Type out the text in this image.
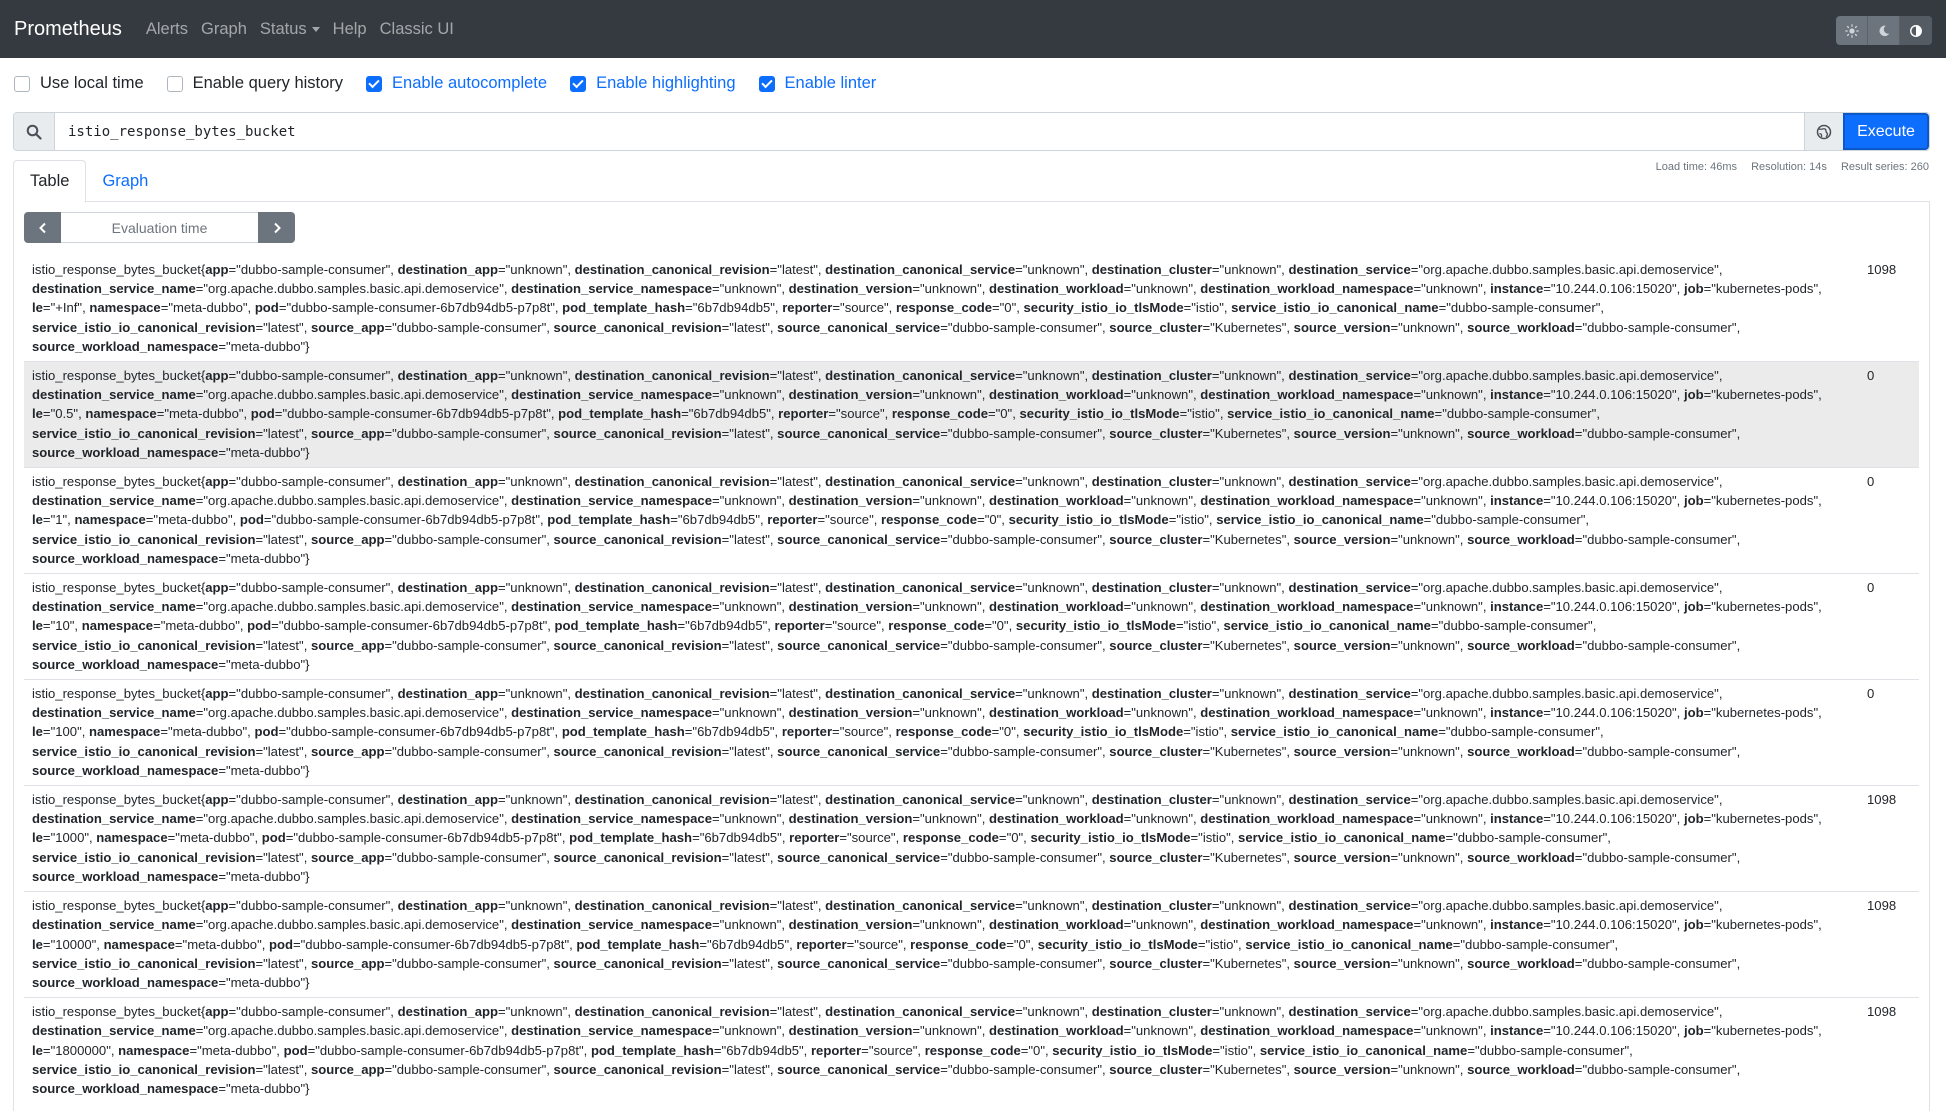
Prometheus Alerts Graph Status Help Classic UI
Use local time	Enable query history	Enable autocomplete	Enable highlighting	Enable linter
istio_response_bytes_bucket
Execute
Load time: 46ms Resolution: 14s Result series: 260
Table	Graph
Evaluation time
istio_response_bytes_bucket{app="dubbo-sample-consumer", destination_app="unknown", destination_canonical_revision="latest", destination_canonical_service="unknown", destination_cluster="unknown", destination_service="org.apache.dubbo.samples.basic.api.demoservice", destination_service_name="org.apache.dubbo.samples.basic.api.demoservice", destination_service_namespace="unknown", destination_version="unknown", destination_workload="unknown", destination_workload_namespace="unknown", instance="10.244.0.106:15020", job="kubernetes-pods", le="+Inf", namespace="meta-dubbo", pod="dubbo-sample-consumer-6b7db94db5-p7p8t", pod_template_hash="6b7db94db5", reporter="source", response_code="0", security_istio_io_tlsMode="istio", service_istio_io_canonical_name="dubbo-sample-consumer", service_istio_io_canonical_revision="latest", source_app="dubbo-sample-consumer", source_canonical_revision="latest", source_canonical_service="dubbo-sample-consumer", source_cluster="Kubernetes", source_version="unknown", source_workload="dubbo-sample-consumer", source_workload_namespace="meta-dubbo"}
1098
istio_response_bytes_bucket{app="dubbo-sample-consumer", destination_app="unknown", destination_canonical_revision="latest", destination_canonical_service="unknown", destination_cluster="unknown", destination_service="org.apache.dubbo.samples.basic.api.demoservice", destination_service_name="org.apache.dubbo.samples.basic.api.demoservice", destination_service_namespace="unknown", destination_version="unknown", destination_workload="unknown", destination_workload_namespace="unknown", instance="10.244.0.106:15020", job="kubernetes-pods", le="0.5", namespace="meta-dubbo", pod="dubbo-sample-consumer-6b7db94db5-p7p8t", pod_template_hash="6b7db94db5", reporter="source", response_code="0", security_istio_io_tlsMode="istio", service_istio_io_canonical_name="dubbo-sample-consumer", service_istio_io_canonical_revision="latest", source_app="dubbo-sample-consumer", source_canonical_revision="latest", source_canonical_service="dubbo-sample-consumer", source_cluster="Kubernetes", source_version="unknown", source_workload="dubbo-sample-consumer", source_workload_namespace="meta-dubbo"}
0
istio_response_bytes_bucket{app="dubbo-sample-consumer", destination_app="unknown", destination_canonical_revision="latest", destination_canonical_service="unknown", destination_cluster="unknown", destination_service="org.apache.dubbo.samples.basic.api.demoservice", destination_service_name="org.apache.dubbo.samples.basic.api.demoservice", destination_service_namespace="unknown", destination_version="unknown", destination_workload="unknown", destination_workload_namespace="unknown", instance="10.244.0.106:15020", job="kubernetes-pods", le="1", namespace="meta-dubbo", pod="dubbo-sample-consumer-6b7db94db5-p7p8t", pod_template_hash="6b7db94db5", reporter="source", response_code="0", security_istio_io_tlsMode="istio", service_istio_io_canonical_name="dubbo-sample-consumer", service_istio_io_canonical_revision="latest", source_app="dubbo-sample-consumer", source_canonical_revision="latest", source_canonical_service="dubbo-sample-consumer", source_cluster="Kubernetes", source_version="unknown", source_workload="dubbo-sample-consumer", source_workload_namespace="meta-dubbo"}
0
istio_response_bytes_bucket{app="dubbo-sample-consumer", destination_app="unknown", destination_canonical_revision="latest", destination_canonical_service="unknown", destination_cluster="unknown", destination_service="org.apache.dubbo.samples.basic.api.demoservice", destination_service_name="org.apache.dubbo.samples.basic.api.demoservice", destination_service_namespace="unknown", destination_version="unknown", destination_workload="unknown", destination_workload_namespace="unknown", instance="10.244.0.106:15020", job="kubernetes-pods", le="10", namespace="meta-dubbo", pod="dubbo-sample-consumer-6b7db94db5-p7p8t", pod_template_hash="6b7db94db5", reporter="source", response_code="0", security_istio_io_tlsMode="istio", service_istio_io_canonical_name="dubbo-sample-consumer", service_istio_io_canonical_revision="latest", source_app="dubbo-sample-consumer", source_canonical_revision="latest", source_canonical_service="dubbo-sample-consumer", source_cluster="Kubernetes", source_version="unknown", source_workload="dubbo-sample-consumer", source_workload_namespace="meta-dubbo"}
0
istio_response_bytes_bucket{app="dubbo-sample-consumer", destination_app="unknown", destination_canonical_revision="latest", destination_canonical_service="unknown", destination_cluster="unknown", destination_service="org.apache.dubbo.samples.basic.api.demoservice", destination_service_name="org.apache.dubbo.samples.basic.api.demoservice", destination_service_namespace="unknown", destination_version="unknown", destination_workload="unknown", destination_workload_namespace="unknown", instance="10.244.0.106:15020", job="kubernetes-pods", le="100", namespace="meta-dubbo", pod="dubbo-sample-consumer-6b7db94db5-p7p8t", pod_template_hash="6b7db94db5", reporter="source", response_code="0", security_istio_io_tlsMode="istio", service_istio_io_canonical_name="dubbo-sample-consumer", service_istio_io_canonical_revision="latest", source_app="dubbo-sample-consumer", source_canonical_revision="latest", source_canonical_service="dubbo-sample-consumer", source_cluster="Kubernetes", source_version="unknown", source_workload="dubbo-sample-consumer", source_workload_namespace="meta-dubbo"}
0
istio_response_bytes_bucket{app="dubbo-sample-consumer", destination_app="unknown", destination_canonical_revision="latest", destination_canonical_service="unknown", destination_cluster="unknown", destination_service="org.apache.dubbo.samples.basic.api.demoservice", destination_service_name="org.apache.dubbo.samples.basic.api.demoservice", destination_service_namespace="unknown", destination_version="unknown", destination_workload="unknown", destination_workload_namespace="unknown", instance="10.244.0.106:15020", job="kubernetes-pods", le="1000", namespace="meta-dubbo", pod="dubbo-sample-consumer-6b7db94db5-p7p8t", pod_template_hash="6b7db94db5", reporter="source", response_code="0", security_istio_io_tlsMode="istio", service_istio_io_canonical_name="dubbo-sample-consumer", service_istio_io_canonical_revision="latest", source_app="dubbo-sample-consumer", source_canonical_revision="latest", source_canonical_service="dubbo-sample-consumer", source_cluster="Kubernetes", source_version="unknown", source_workload="dubbo-sample-consumer", source_workload_namespace="meta-dubbo"}
1098
istio_response_bytes_bucket{app="dubbo-sample-consumer", destination_app="unknown", destination_canonical_revision="latest", destination_canonical_service="unknown", destination_cluster="unknown", destination_service="org.apache.dubbo.samples.basic.api.demoservice", destination_service_name="org.apache.dubbo.samples.basic.api.demoservice", destination_service_namespace="unknown", destination_version="unknown", destination_workload="unknown", destination_workload_namespace="unknown", instance="10.244.0.106:15020", job="kubernetes-pods", le="10000", namespace="meta-dubbo", pod="dubbo-sample-consumer-6b7db94db5-p7p8t", pod_template_hash="6b7db94db5", reporter="source", response_code="0", security_istio_io_tlsMode="istio", service_istio_io_canonical_name="dubbo-sample-consumer", service_istio_io_canonical_revision="latest", source_app="dubbo-sample-consumer", source_canonical_revision="latest", source_canonical_service="dubbo-sample-consumer", source_cluster="Kubernetes", source_version="unknown", source_workload="dubbo-sample-consumer", source_workload_namespace="meta-dubbo"}
1098
istio_response_bytes_bucket{app="dubbo-sample-consumer", destination_app="unknown", destination_canonical_revision="latest", destination_canonical_service="unknown", destination_cluster="unknown", destination_service="org.apache.dubbo.samples.basic.api.demoservice", destination_service_name="org.apache.dubbo.samples.basic.api.demoservice", destination_service_namespace="unknown", destination_version="unknown", destination_workload="unknown", destination_workload_namespace="unknown", instance="10.244.0.106:15020", job="kubernetes-pods", le="1800000", namespace="meta-dubbo", pod="dubbo-sample-consumer-6b7db94db5-p7p8t", pod_template_hash="6b7db94db5", reporter="source", response_code="0", security_istio_io_tlsMode="istio", service_istio_io_canonical_name="dubbo-sample-consumer", service_istio_io_canonical_revision="latest", source_app="dubbo-sample-consumer", source_canonical_revision="latest", source_canonical_service="dubbo-sample-consumer", source_cluster="Kubernetes", source_version="unknown", source_workload="dubbo-sample-consumer", source_workload_namespace="meta-dubbo"}
1098
